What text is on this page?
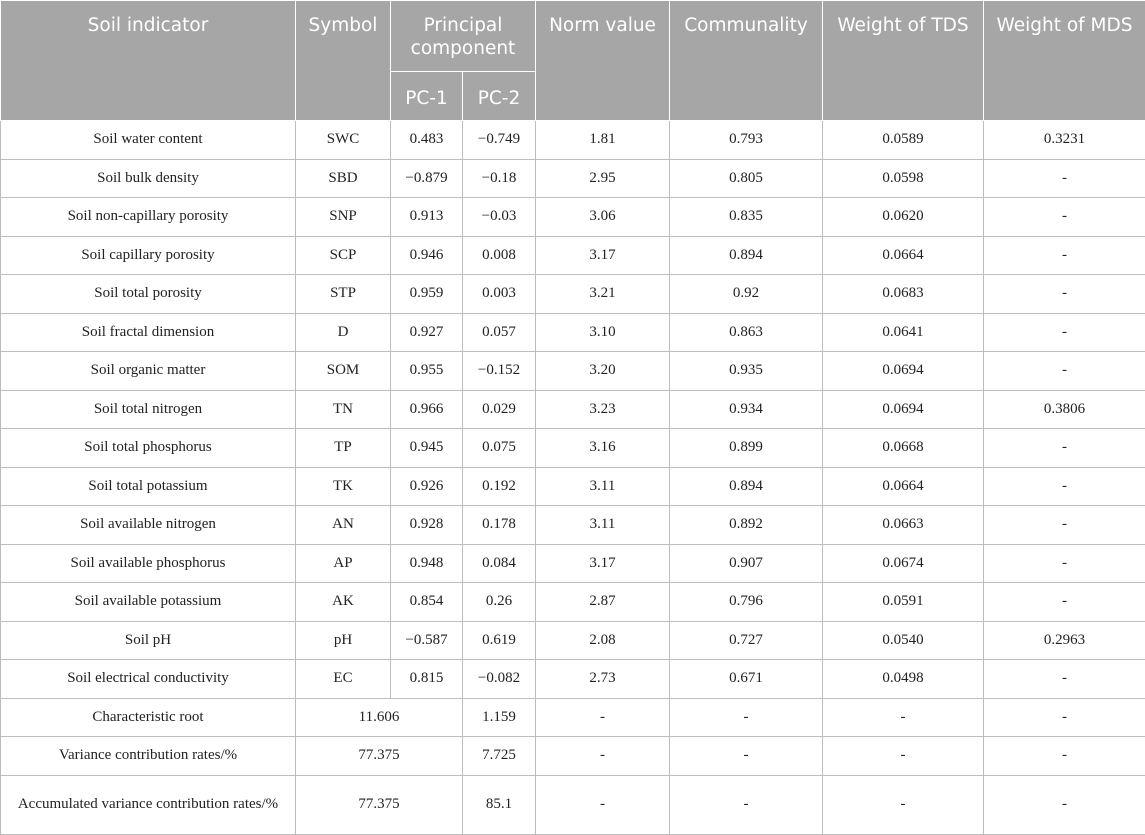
Soil indicator	Symbol	Principal component		Norm value	Communality	Weight of TDS	Weight of MDS
		PC-1	PC-2				
Soil water content	SWC	0.483	−0.749	1.81	0.793	0.0589	0.3231
Soil bulk density	SBD	−0.879	−0.18	2.95	0.805	0.0598	-
Soil non-capillary porosity	SNP	0.913	−0.03	3.06	0.835	0.0620	-
Soil capillary porosity	SCP	0.946	0.008	3.17	0.894	0.0664	-
Soil total porosity	STP	0.959	0.003	3.21	0.92	0.0683	-
Soil fractal dimension	D	0.927	0.057	3.10	0.863	0.0641	-
Soil organic matter	SOM	0.955	−0.152	3.20	0.935	0.0694	-
Soil total nitrogen	TN	0.966	0.029	3.23	0.934	0.0694	0.3806
Soil total phosphorus	TP	0.945	0.075	3.16	0.899	0.0668	-
Soil total potassium	TK	0.926	0.192	3.11	0.894	0.0664	-
Soil available nitrogen	AN	0.928	0.178	3.11	0.892	0.0663	-
Soil available phosphorus	AP	0.948	0.084	3.17	0.907	0.0674	-
Soil available potassium	AK	0.854	0.26	2.87	0.796	0.0591	-
Soil pH	pH	−0.587	0.619	2.08	0.727	0.0540	0.2963
Soil electrical conductivity	EC	0.815	−0.082	2.73	0.671	0.0498	-
Characteristic root	11.606		1.159	-	-	-	-
Variance contribution rates/%	77.375		7.725	-	-	-	-
Accumulated variance contribution rates/%	77.375		85.1	-	-	-	-
